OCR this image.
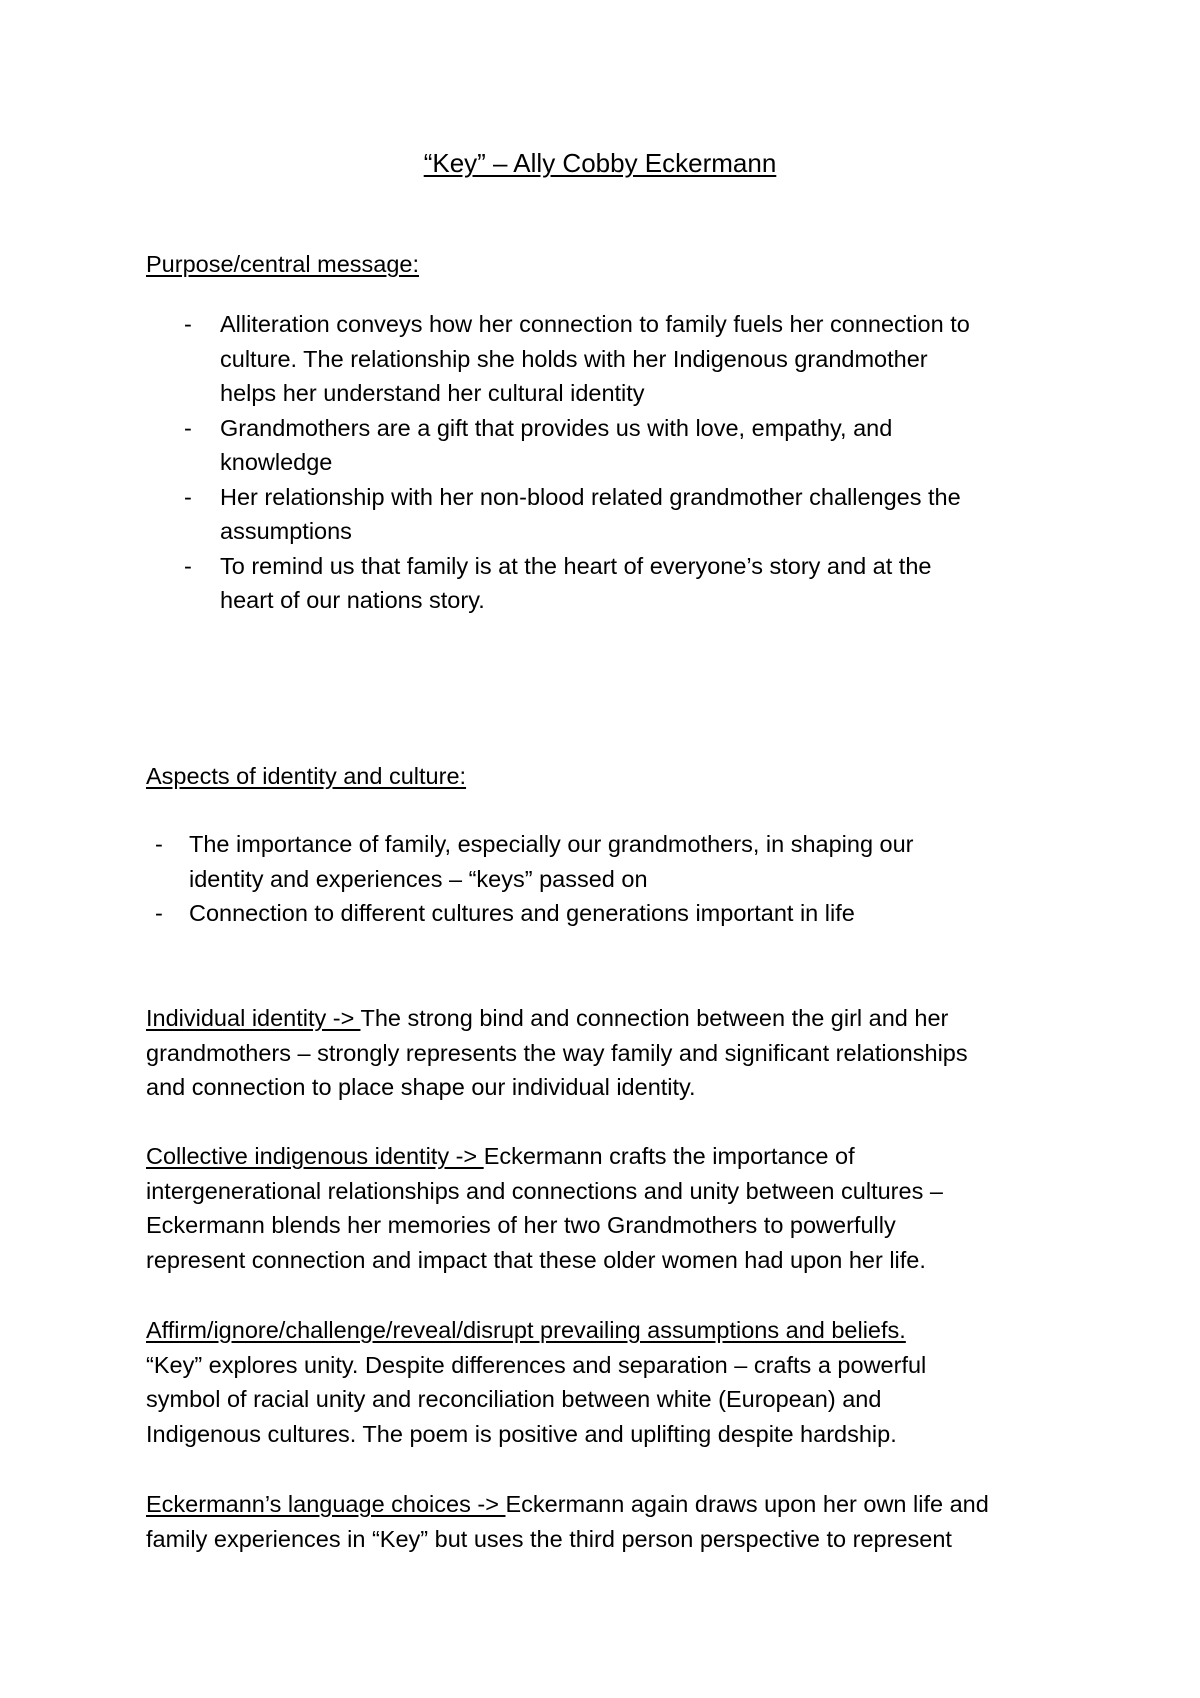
“Key” – Ally Cobby Eckermann
Purpose/central message:
- Alliteration conveys how her connection to family fuels her connection to
culture. The relationship she holds with her Indigenous grandmother
helps her understand her cultural identity
- Grandmothers are a gift that provides us with love, empathy, and
knowledge
- Her relationship with her non-blood related grandmother challenges the
assumptions
- To remind us that family is at the heart of everyone’s story and at the
heart of our nations story.
Aspects of identity and culture:
- The importance of family, especially our grandmothers, in shaping our
identity and experiences – “keys” passed on
- Connection to different cultures and generations important in life

Individual identity -> The strong bind and connection between the girl and her
grandmothers – strongly represents the way family and significant relationships
and connection to place shape our individual identity.

Collective indigenous identity -> Eckermann crafts the importance of
intergenerational relationships and connections and unity between cultures –
Eckermann blends her memories of her two Grandmothers to powerfully
represent connection and impact that these older women had upon her life.

Affirm/ignore/challenge/reveal/disrupt prevailing assumptions and beliefs.
“Key” explores unity. Despite differences and separation – crafts a powerful
symbol of racial unity and reconciliation between white (European) and
Indigenous cultures. The poem is positive and uplifting despite hardship.

Eckermann’s language choices -> Eckermann again draws upon her own life and
family experiences in “Key” but uses the third person perspective to represent
